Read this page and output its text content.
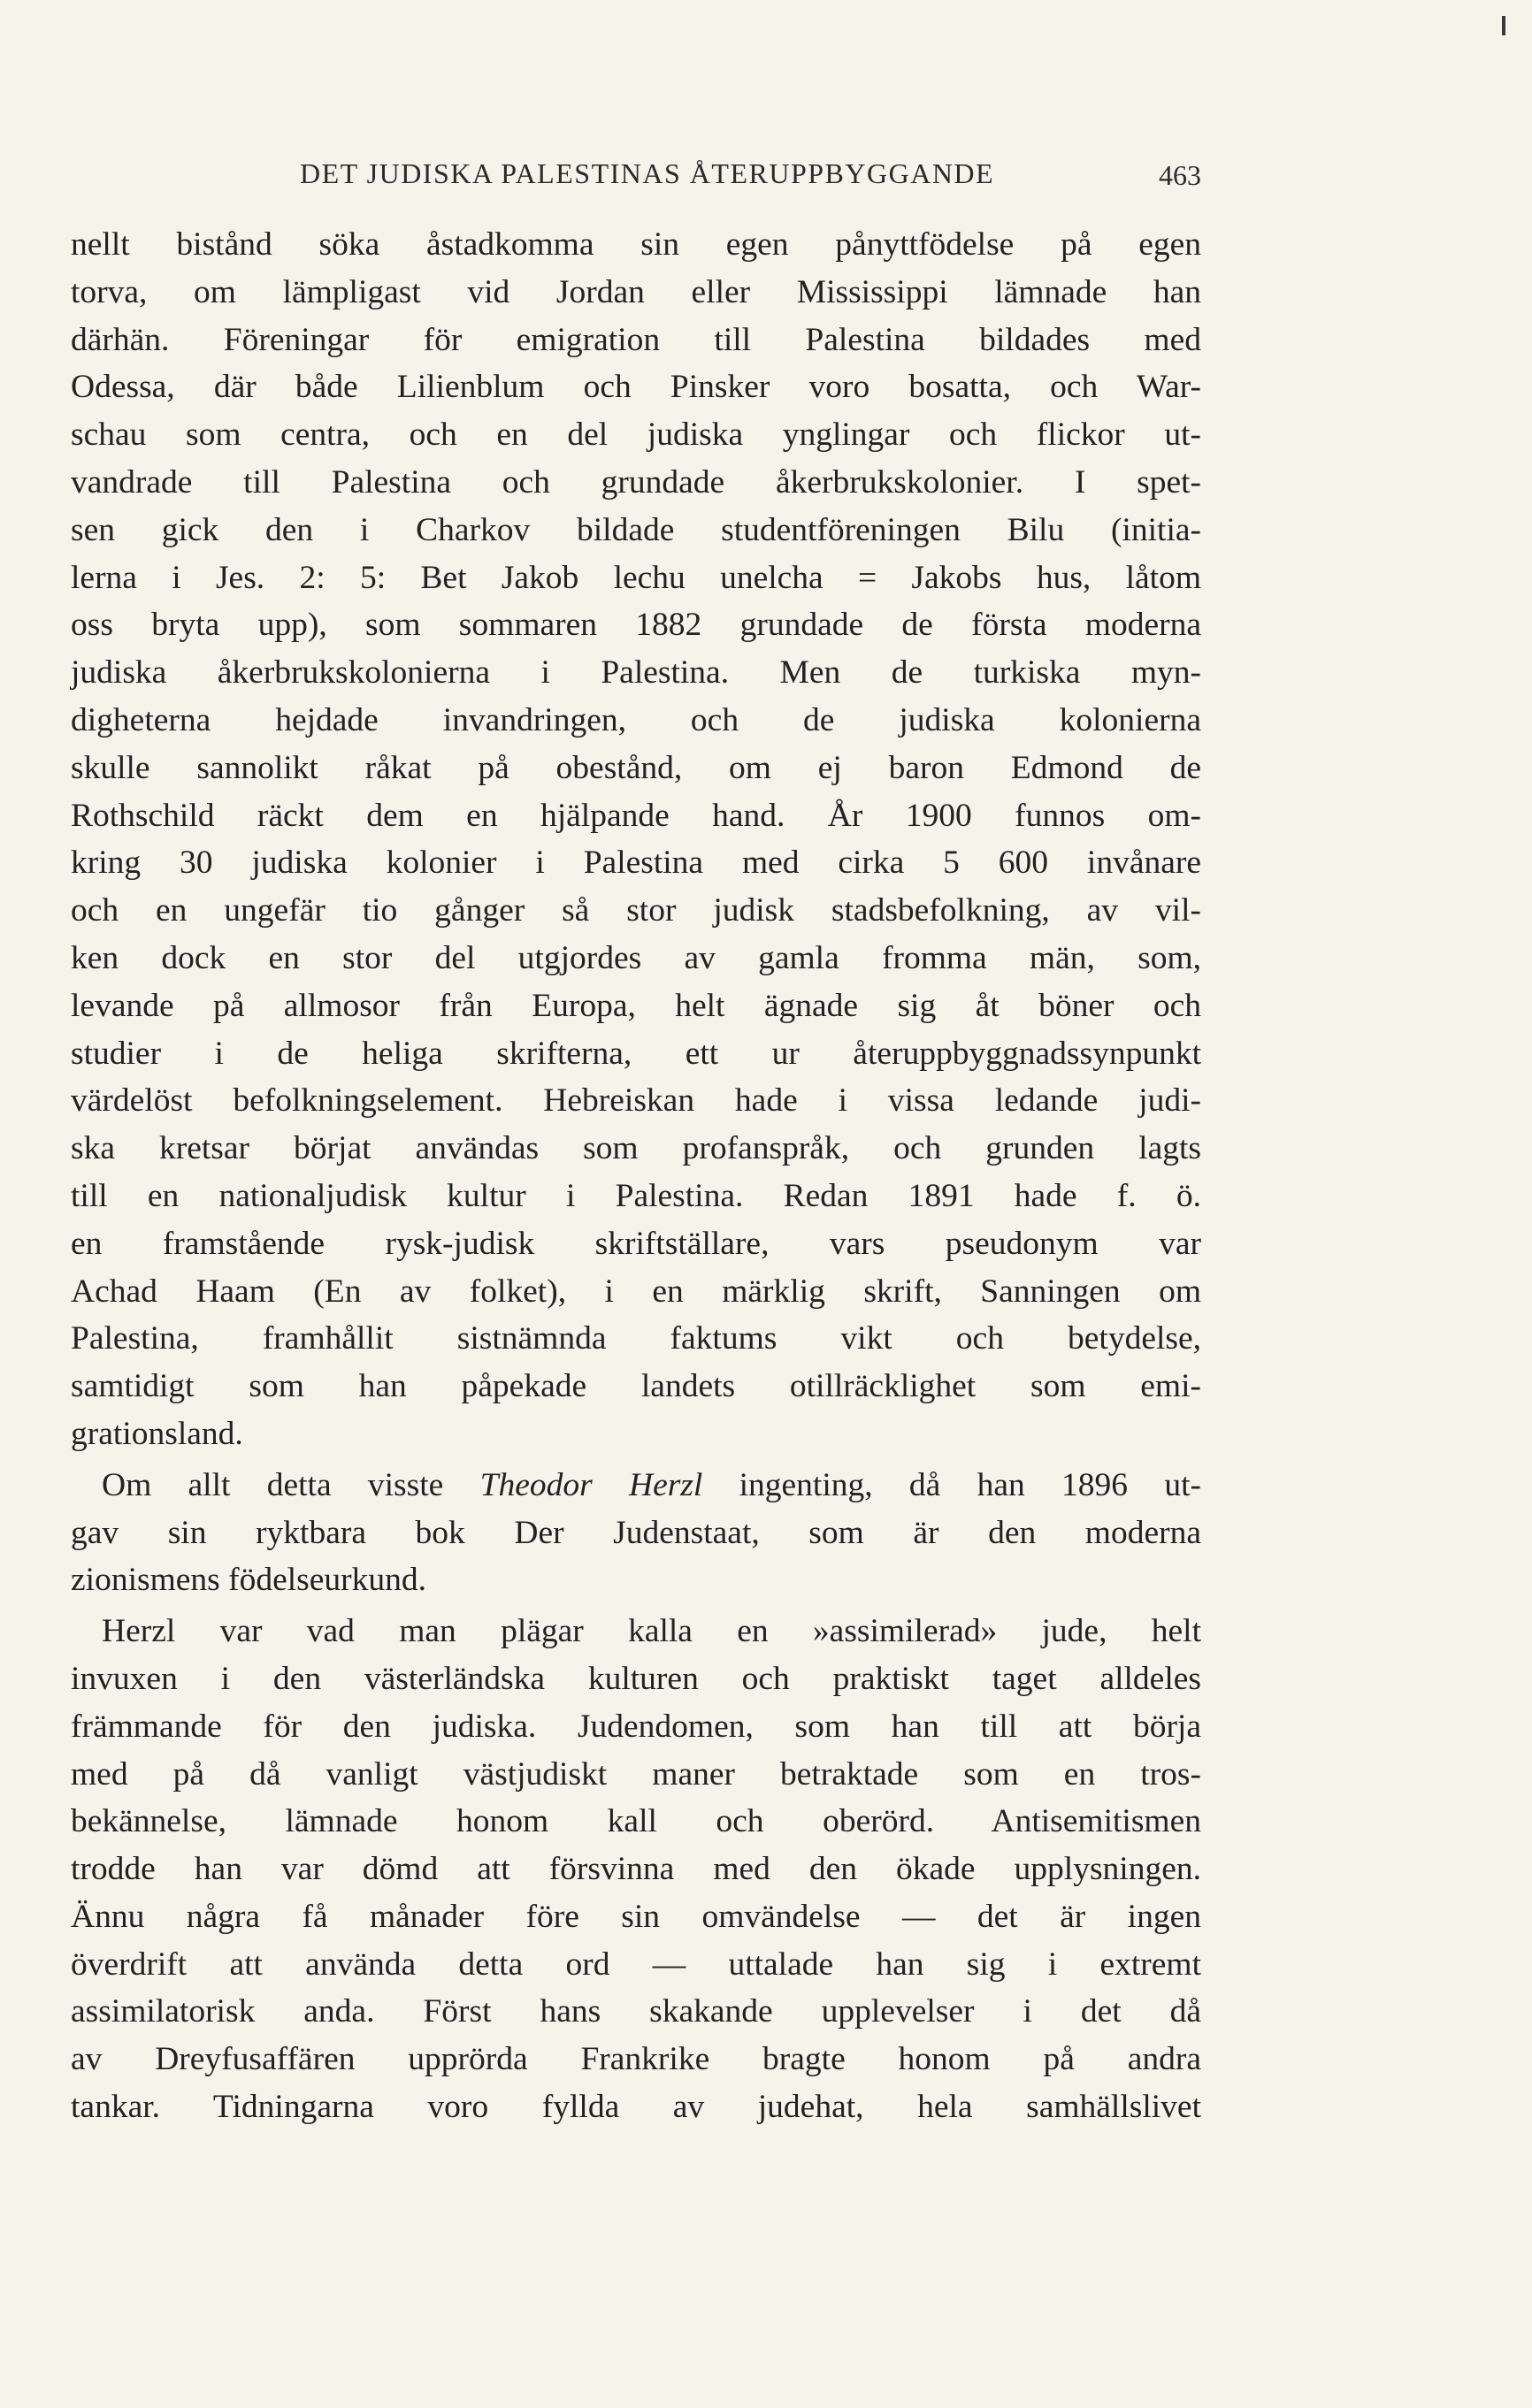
DET JUDISKA PALESTINAS ÅTERUPPBYGGANDE	463
nellt bistånd söka åstadkomma sin egen pånyttfödelse på egen
torva, om lämpligast vid Jordan eller Mississippi lämnade han
därhän. Föreningar för emigration till Palestina bildades med
Odessa, där både Lilienblum och Pinsker voro bosatta, och War-
schau som centra, och en del judiska ynglingar och flickor ut-
vandrade till Palestina och grundade åkerbrukskolonier. I spet-
sen gick den i Charkov bildade studentföreningen Bilu (initia-
lerna i Jes. 2: 5: Bet Jakob lechu unelcha = Jakobs hus, låtom
oss bryta upp), som sommaren 1882 grundade de första moderna
judiska åkerbrukskolonierna i Palestina. Men de turkiska myn-
digheterna hejdade invandringen, och de judiska kolonierna
skulle sannolikt råkat på obestånd, om ej baron Edmond de
Rothschild räckt dem en hjälpande hand. År 1900 funnos om-
kring 30 judiska kolonier i Palestina med cirka 5 600 invånare
och en ungefär tio gånger så stor judisk stadsbefolkning, av vil-
ken dock en stor del utgjordes av gamla fromma män, som,
levande på allmosor från Europa, helt ägnade sig åt böner och
studier i de heliga skrifterna, ett ur återuppbyggnadssynpunkt
värdelöst befolkningselement. Hebreiskan hade i vissa ledande judi-
ska kretsar börjat användas som profanspråk, och grunden lagts
till en nationaljudisk kultur i Palestina. Redan 1891 hade f. ö.
en framstående rysk-judisk skriftställare, vars pseudonym var
Achad Haam (En av folket), i en märklig skrift, Sanningen om
Palestina, framhållit sistnämnda faktums vikt och betydelse,
samtidigt som han påpekade landets otillräcklighet som emi-
grationsland.
Om allt detta visste Theodor Herzl ingenting, då han 1896 ut-
gav sin ryktbara bok Der Judenstaat, som är den moderna
zionismens födelseurkund.
Herzl var vad man plägar kalla en »assimilerad» jude, helt
invuxen i den västerländska kulturen och praktiskt taget alldeles
främmande för den judiska. Judendomen, som han till att börja
med på då vanligt västjudiskt maner betraktade som en tros-
bekännelse, lämnade honom kall och oberörd. Antisemitismen
trodde han var dömd att försvinna med den ökade upplysningen.
Ännu några få månader före sin omvändelse — det är ingen
överdrift att använda detta ord — uttalade han sig i extremt
assimilatorisk anda. Först hans skakande upplevelser i det då
av Dreyfusaffären upprörda Frankrike bragte honom på andra
tankar. Tidningarna voro fyllda av judehat, hela samhällslivet
